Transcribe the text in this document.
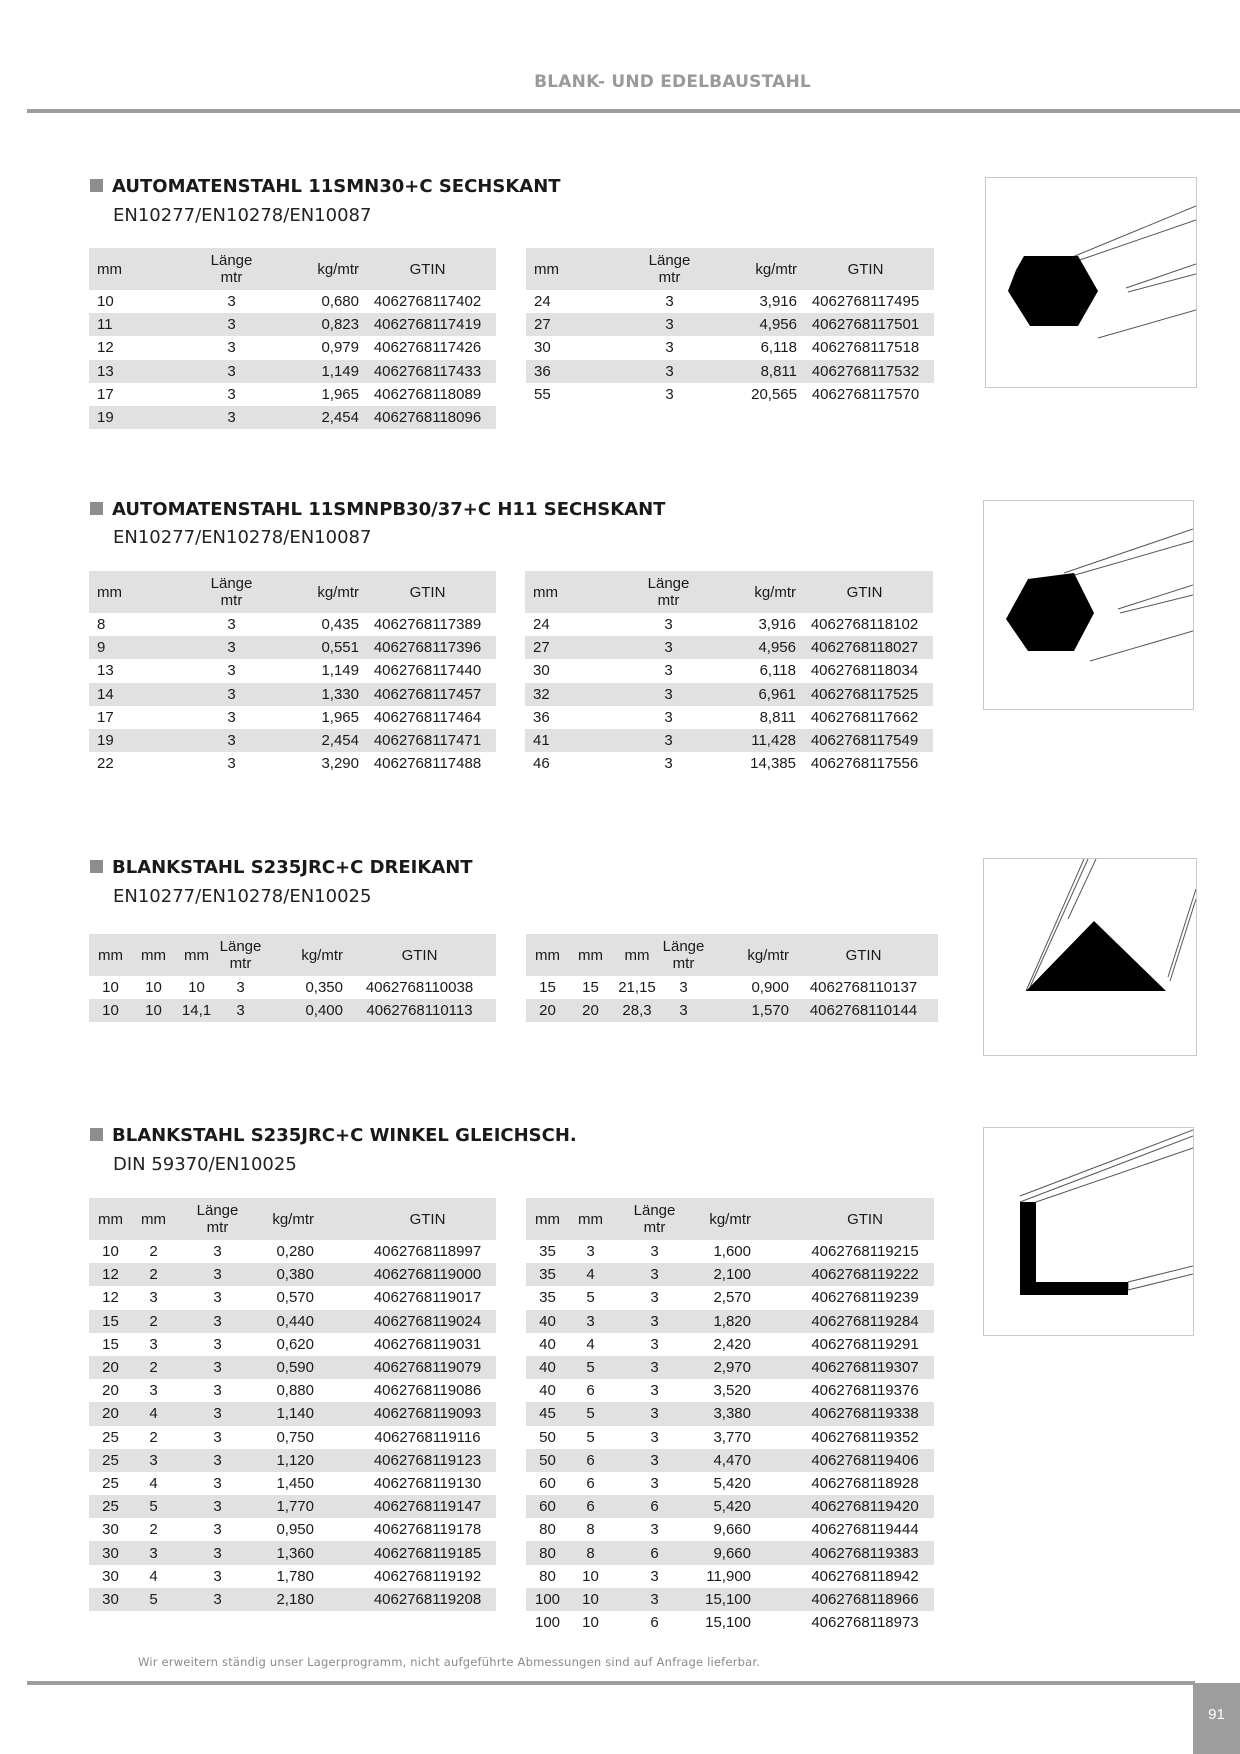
BLANK- UND EDELBAUSTAHL
AUTOMATENSTAHL 11SMN30+C SECHSKANT
EN10277/EN10278/EN10087
mm		Länge
mtr	kg/mtr	GTIN
10		3	0,680	4062768117402
11		3	0,823	4062768117419
12		3	0,979	4062768117426
13		3	1,149	4062768117433
17		3	1,965	4062768118089
19		3	2,454	4062768118096
mm		Länge
mtr	kg/mtr	GTIN
24		3	3,916	4062768117495
27		3	4,956	4062768117501
30		3	6,118	4062768117518
36		3	8,811	4062768117532
55		3	20,565	4062768117570
AUTOMATENSTAHL 11SMNPB30/37+C H11 SECHSKANT
EN10277/EN10278/EN10087
mm		Länge
mtr	kg/mtr	GTIN
8		3	0,435	4062768117389
9		3	0,551	4062768117396
13		3	1,149	4062768117440
14		3	1,330	4062768117457
17		3	1,965	4062768117464
19		3	2,454	4062768117471
22		3	3,290	4062768117488
mm		Länge
mtr	kg/mtr	GTIN
24		3	3,916	4062768118102
27		3	4,956	4062768118027
30		3	6,118	4062768118034
32		3	6,961	4062768117525
36		3	8,811	4062768117662
41		3	11,428	4062768117549
46		3	14,385	4062768117556
BLANKSTAHL S235JRC+C DREIKANT
EN10277/EN10278/EN10025
mm	mm	mm	Länge
mtr	kg/mtr	GTIN
10	10	10	3	0,350	4062768110038
10	10	14,1	3	0,400	4062768110113
mm	mm	mm	Länge
mtr	kg/mtr	GTIN
15	15	21,15	3	0,900	4062768110137
20	20	28,3	3	1,570	4062768110144
BLANKSTAHL S235JRC+C WINKEL GLEICHSCH.
DIN 59370/EN10025
mm	mm	Länge
mtr	kg/mtr		GTIN
10	2	3	0,280		4062768118997
12	2	3	0,380		4062768119000
12	3	3	0,570		4062768119017
15	2	3	0,440		4062768119024
15	3	3	0,620		4062768119031
20	2	3	0,590		4062768119079
20	3	3	0,880		4062768119086
20	4	3	1,140		4062768119093
25	2	3	0,750		4062768119116
25	3	3	1,120		4062768119123
25	4	3	1,450		4062768119130
25	5	3	1,770		4062768119147
30	2	3	0,950		4062768119178
30	3	3	1,360		4062768119185
30	4	3	1,780		4062768119192
30	5	3	2,180		4062768119208
mm	mm	Länge
mtr	kg/mtr		GTIN
35	3	3	1,600		4062768119215
35	4	3	2,100		4062768119222
35	5	3	2,570		4062768119239
40	3	3	1,820		4062768119284
40	4	3	2,420		4062768119291
40	5	3	2,970		4062768119307
40	6	3	3,520		4062768119376
45	5	3	3,380		4062768119338
50	5	3	3,770		4062768119352
50	6	3	4,470		4062768119406
60	6	3	5,420		4062768118928
60	6	6	5,420		4062768119420
80	8	3	9,660		4062768119444
80	8	6	9,660		4062768119383
80	10	3	11,900		4062768118942
100	10	3	15,100		4062768118966
100	10	6	15,100		4062768118973
Wir erweitern ständig unser Lagerprogramm, nicht aufgeführte Abmessungen sind auf Anfrage lieferbar.
91
